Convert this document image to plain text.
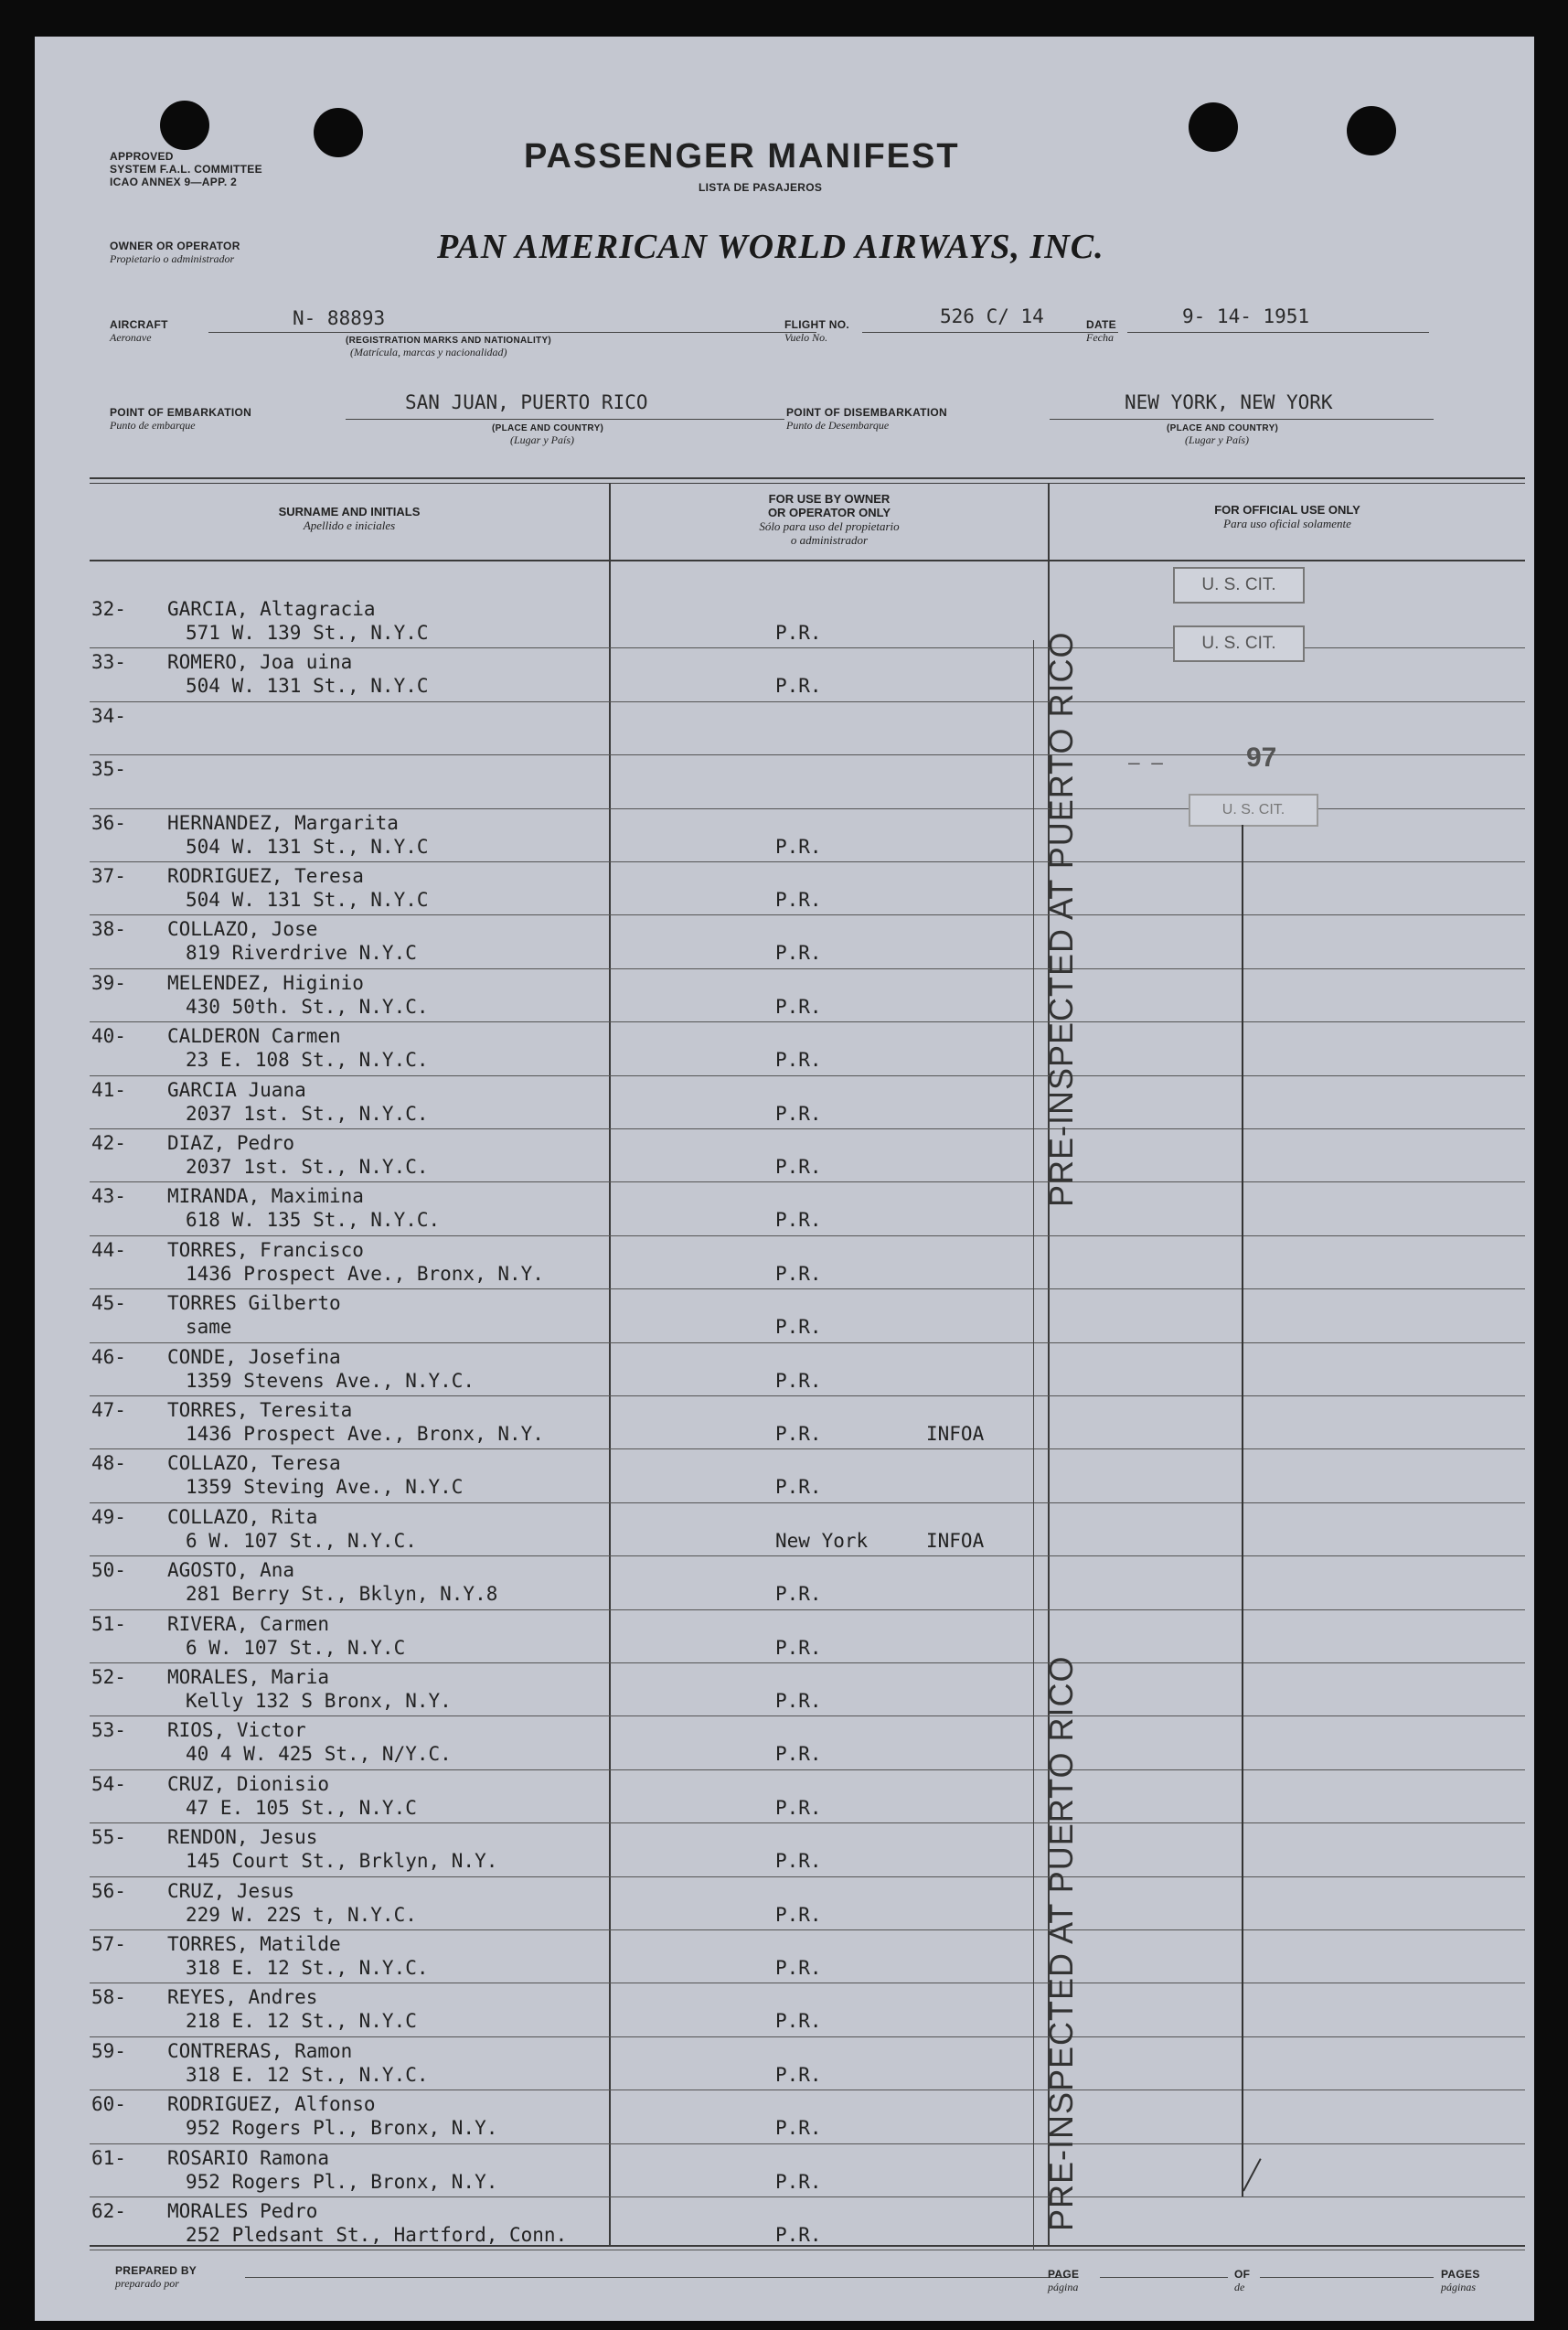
APPROVED
SYSTEM F.A.L. COMMITTEE
ICAO ANNEX 9—APP. 2
PASSENGER MANIFEST
LISTA DE PASAJEROS
OWNER OR OPERATOR
Propietario o administrador	PAN AMERICAN WORLD AIRWAYS, INC.
AIRCRAFT
Aeronave
N- 88893
(REGISTRATION MARKS AND NATIONALITY)
(Matrícula, marcas y nacionalidad)
FLIGHT NO.
Vuelo No.
526 C/ 14	DATE
Fecha
9- 14- 1951
POINT OF EMBARKATION
Punto de embarque
SAN JUAN, PUERTO RICO
(PLACE AND COUNTRY)
(Lugar y País)
POINT OF DISEMBARKATION
Punto de Desembarque
NEW YORK, NEW YORK
(PLACE AND COUNTRY)
(Lugar y País)
SURNAME AND INITIALS
Apellido e iniciales
FOR USE BY OWNER
OR OPERATOR ONLY
Sólo para uso del propietario
o administrador
FOR OFFICIAL USE ONLY
Para uso oficial solamente
32- GARCIA, Altagracia
571 W. 139 St., N.Y.C	P.R.
33- ROMERO, Joa uina
504 W. 131 St., N.Y.C	P.R.
34-
35-
36- HERNANDEZ, Margarita
504 W. 131 St., N.Y.C	P.R.
37- RODRIGUEZ, Teresa
504 W. 131 St., N.Y.C	P.R.
38- COLLAZO, Jose
819 Riverdrive N.Y.C	P.R.
39- MELENDEZ, Higinio
430 50th. St., N.Y.C.	P.R.
40- CALDERON Carmen
23 E. 108 St., N.Y.C.	P.R.
41- GARCIA Juana
2037 1st. St., N.Y.C.	P.R.
42- DIAZ, Pedro
2037 1st. St., N.Y.C.	P.R.
43- MIRANDA, Maximina
618 W. 135 St., N.Y.C.	P.R.
44- TORRES, Francisco
1436 Prospect Ave., Bronx, N.Y.	P.R.
45- TORRES Gilberto
same	P.R.
46- CONDE, Josefina
1359 Stevens Ave., N.Y.C.	P.R.
47- TORRES, Teresita
1436 Prospect Ave., Bronx, N.Y.	P.R.	INFOA
48- COLLAZO, Teresa
1359 Steving Ave., N.Y.C	P.R.
49- COLLAZO, Rita
6 W. 107 St., N.Y.C.	New York	INFOA
50- AGOSTO, Ana
281 Berry St., Bklyn, N.Y.8	P.R.
51- RIVERA, Carmen
6 W. 107 St., N.Y.C	P.R.
52- MORALES, Maria
Kelly 132 S Bronx, N.Y.	P.R.
53- RIOS, Victor
40 4 W. 425 St., N/Y.C.	P.R.
54- CRUZ, Dionisio
47 E. 105 St., N.Y.C	P.R.
55- RENDON, Jesus
145 Court St., Brklyn, N.Y.	P.R.
56- CRUZ, Jesus
229 W. 22S t, N.Y.C.	P.R.
57- TORRES, Matilde
318 E. 12 St., N.Y.C.	P.R.
58- REYES, Andres
218 E. 12 St., N.Y.C	P.R.
59- CONTRERAS, Ramon
318 E. 12 St., N.Y.C.	P.R.
60- RODRIGUEZ, Alfonso
952 Rogers Pl., Bronx, N.Y.	P.R.
61- ROSARIO Ramona
952 Rogers Pl., Bronx, N.Y.	P.R.
62- MORALES Pedro
252 Pledsant St., Hartford, Conn.	P.R.
U. S. CIT.
U. S. CIT.
— —	97
U. S. CIT.
PRE-INSPECTED AT PUERTO RICO
PRE-INSPECTED AT PUERTO RICO
PREPARED BY
preparado por
PAGE
página
OF
de
PAGES
páginas
